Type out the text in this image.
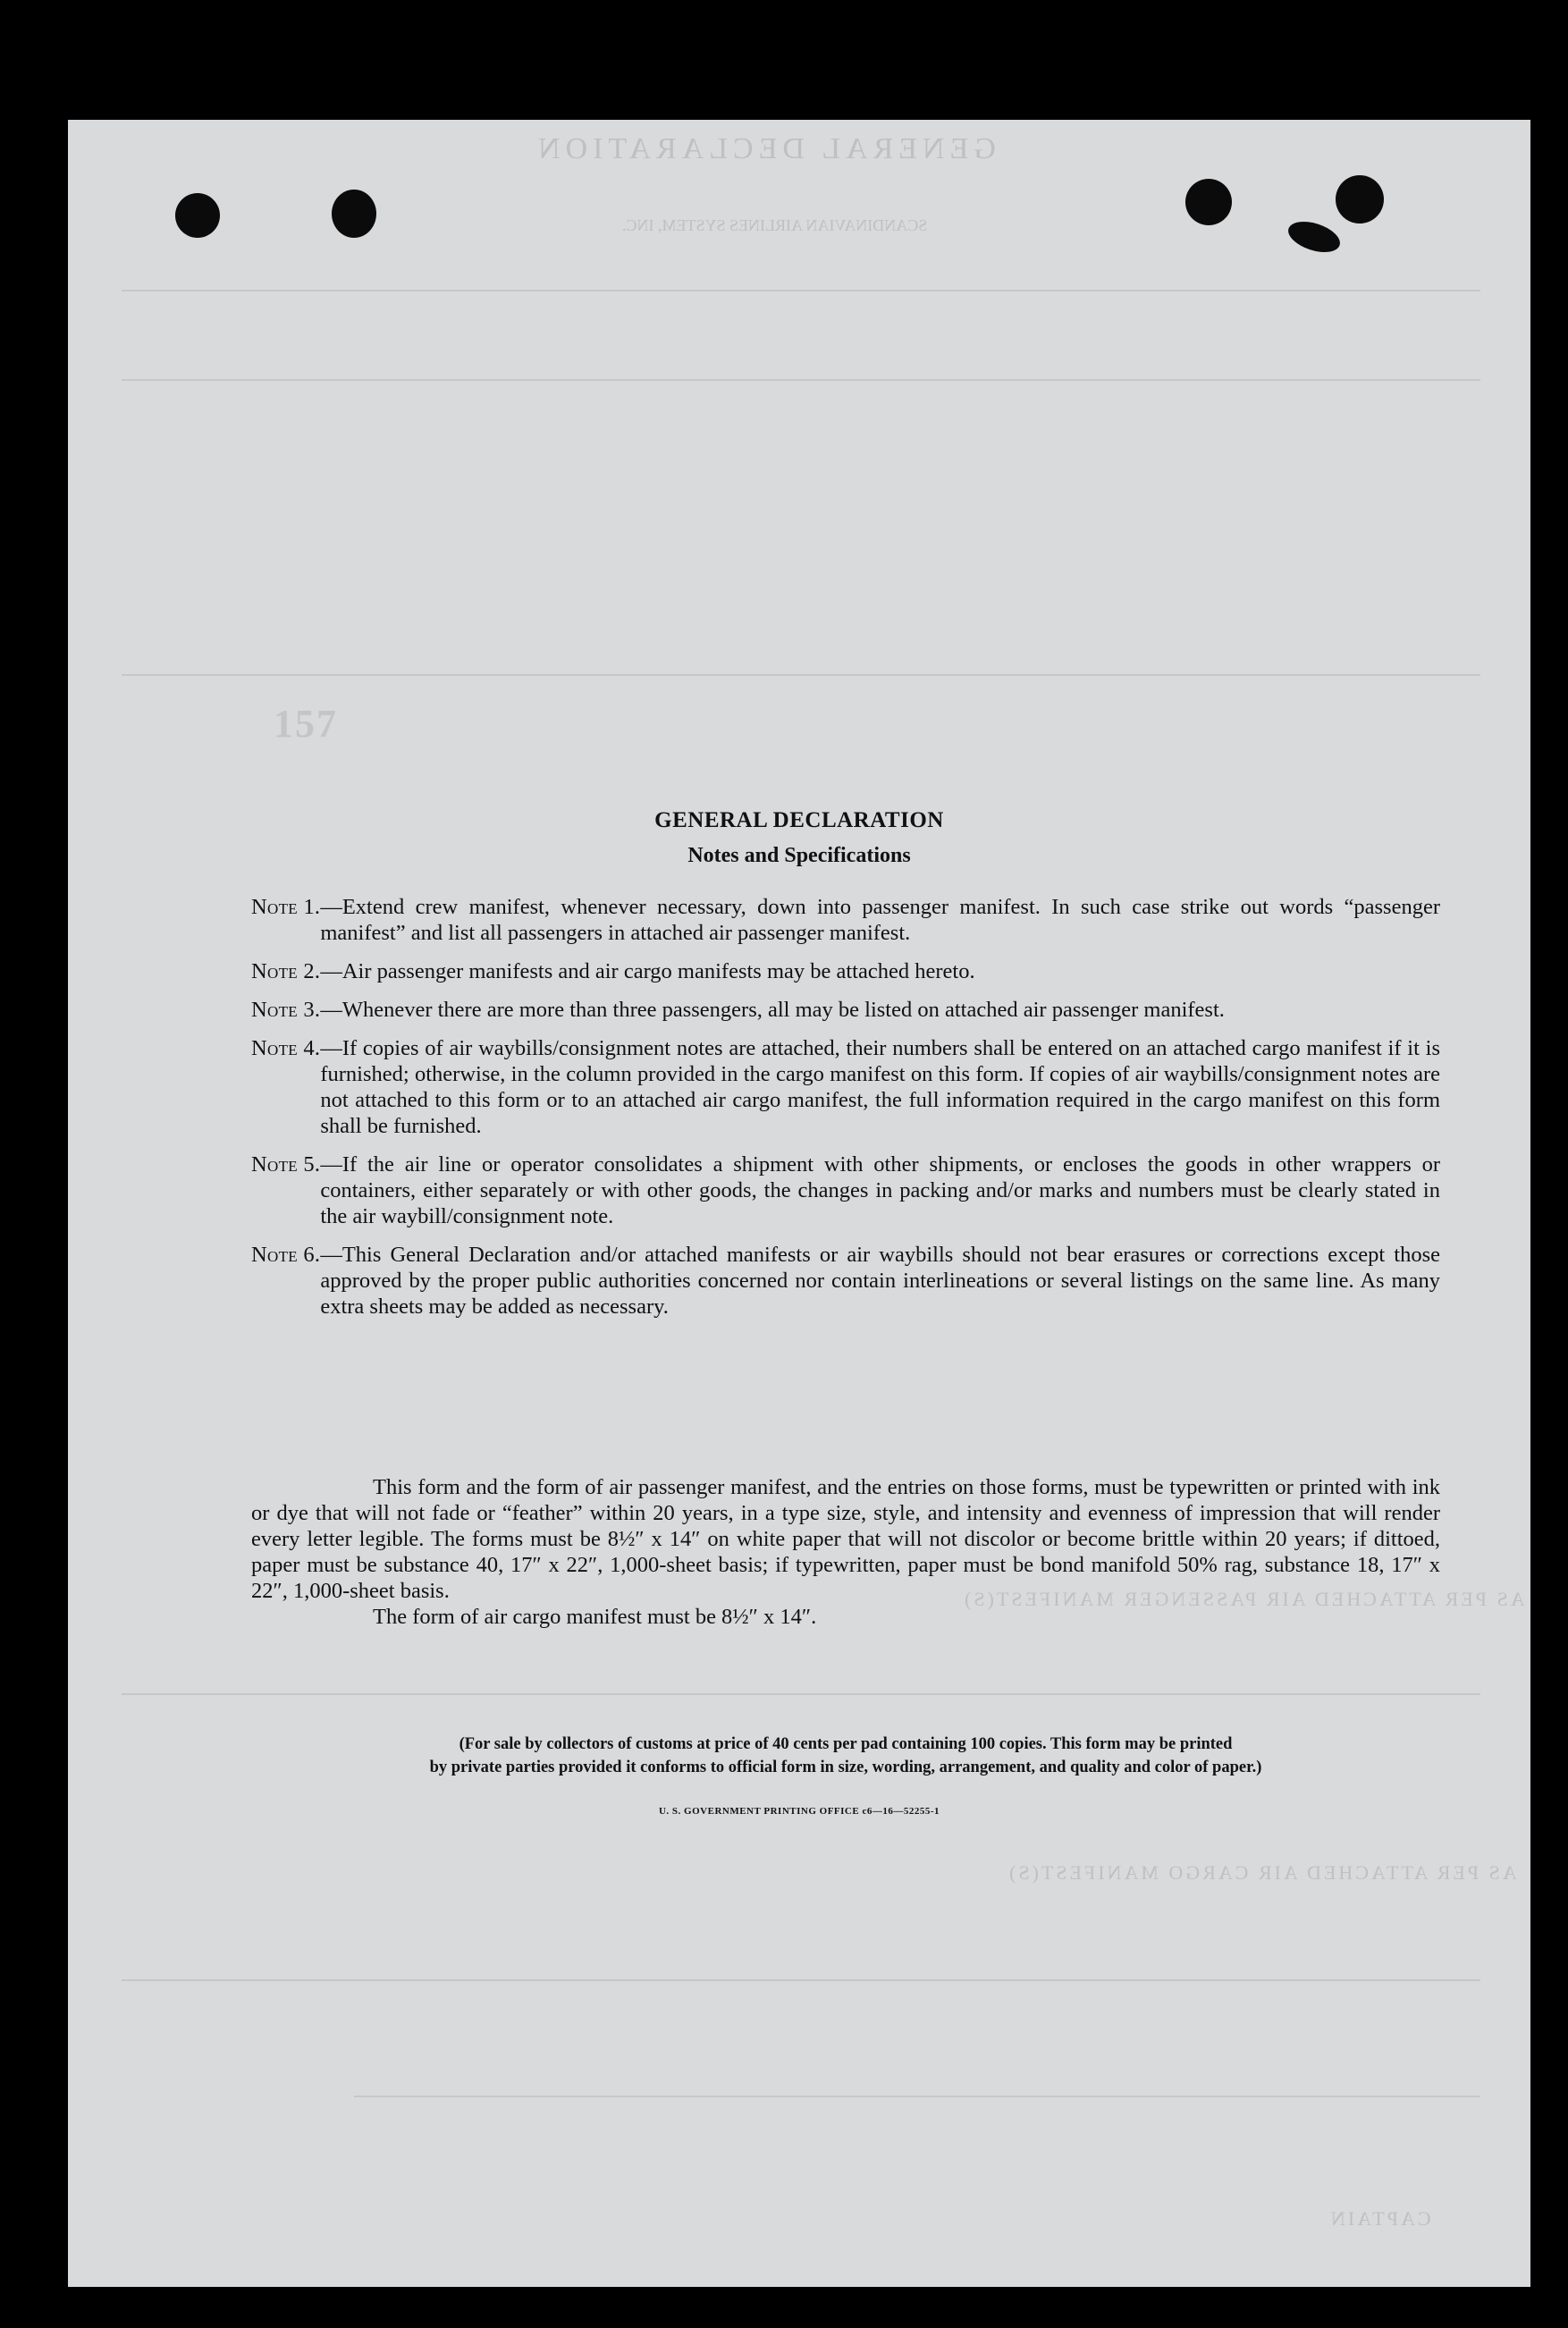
GENERAL DECLARATION
SCANDINAVIAN AIRLINES SYSTEM, INC.
AS PER ATTACHED AIR CARGO MANIFEST(S)
AS PER ATTACHED AIR PASSENGER MANIFEST(S)
CAPTAIN
157
GENERAL DECLARATION
Notes and Specifications
Note 1. —Extend crew manifest, whenever necessary, down into passenger manifest. In such case strike out words “passenger manifest” and list all passengers in attached air passenger manifest.
Note 2. —Air passenger manifests and air cargo manifests may be attached hereto.
Note 3. —Whenever there are more than three passengers, all may be listed on attached air passenger manifest.
Note 4. —If copies of air waybills/consignment notes are attached, their numbers shall be entered on an attached cargo manifest if it is furnished; otherwise, in the column provided in the cargo manifest on this form. If copies of air waybills/consignment notes are not attached to this form or to an attached air cargo manifest, the full information required in the cargo manifest on this form shall be furnished.
Note 5. —If the air line or operator consolidates a shipment with other shipments, or encloses the goods in other wrappers or containers, either separately or with other goods, the changes in packing and/or marks and numbers must be clearly stated in the air waybill/consignment note.
Note 6. —This General Declaration and/or attached manifests or air waybills should not bear erasures or corrections except those approved by the proper public authorities concerned nor contain interlineations or several listings on the same line. As many extra sheets may be added as necessary.

This form and the form of air passenger manifest, and the entries on those forms, must be typewritten or printed with ink or dye that will not fade or “feather” within 20 years, in a type size, style, and intensity and evenness of impression that will render every letter legible. The forms must be 8½″ x 14″ on white paper that will not discolor or become brittle within 20 years; if dittoed, paper must be substance 40, 17″ x 22″, 1,000-sheet basis; if typewritten, paper must be bond manifold 50% rag, substance 18, 17″ x 22″, 1,000-sheet basis.

The form of air cargo manifest must be 8½″ x 14″.

(For sale by collectors of customs at price of 40 cents per pad containing 100 copies. This form may be printed
by private parties provided it conforms to official form in size, wording, arrangement, and quality and color of paper.)
U. S. GOVERNMENT PRINTING OFFICE c6—16—52255-1
